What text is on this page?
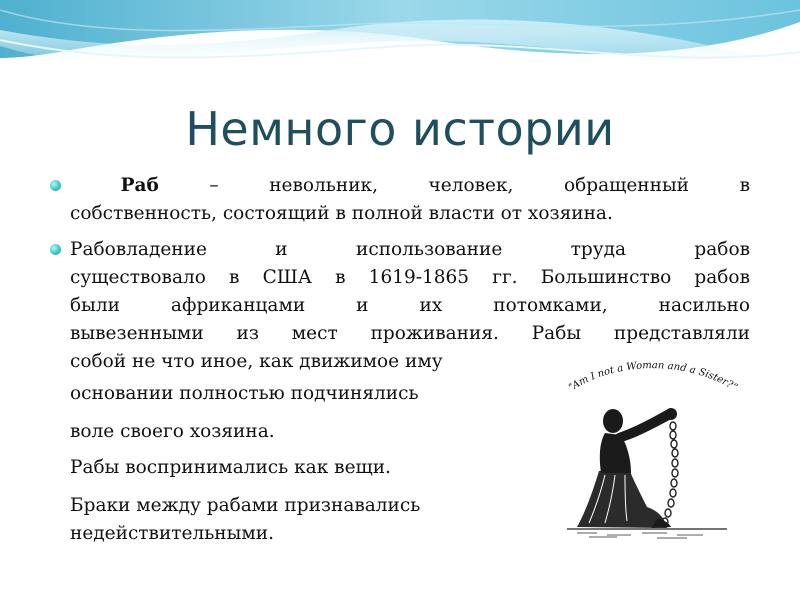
Немного истории
Раб – невольник, человек, обращенный в
собственность, состоящий в полной власти от хозяина.
Рабовладение и использование труда рабов
существовало в США в 1619-1865 гг. Большинство рабов
были африканцами и их потомками, насильно
вывезенными из мест проживания. Рабы представляли
собой не что иное, как движимое иму
основании полностью подчинялись
воле своего хозяина.
Рабы воспринимались как вещи.
Браки между рабами признавались
недействительными.
“Am I not a Woman and a Sister?”
